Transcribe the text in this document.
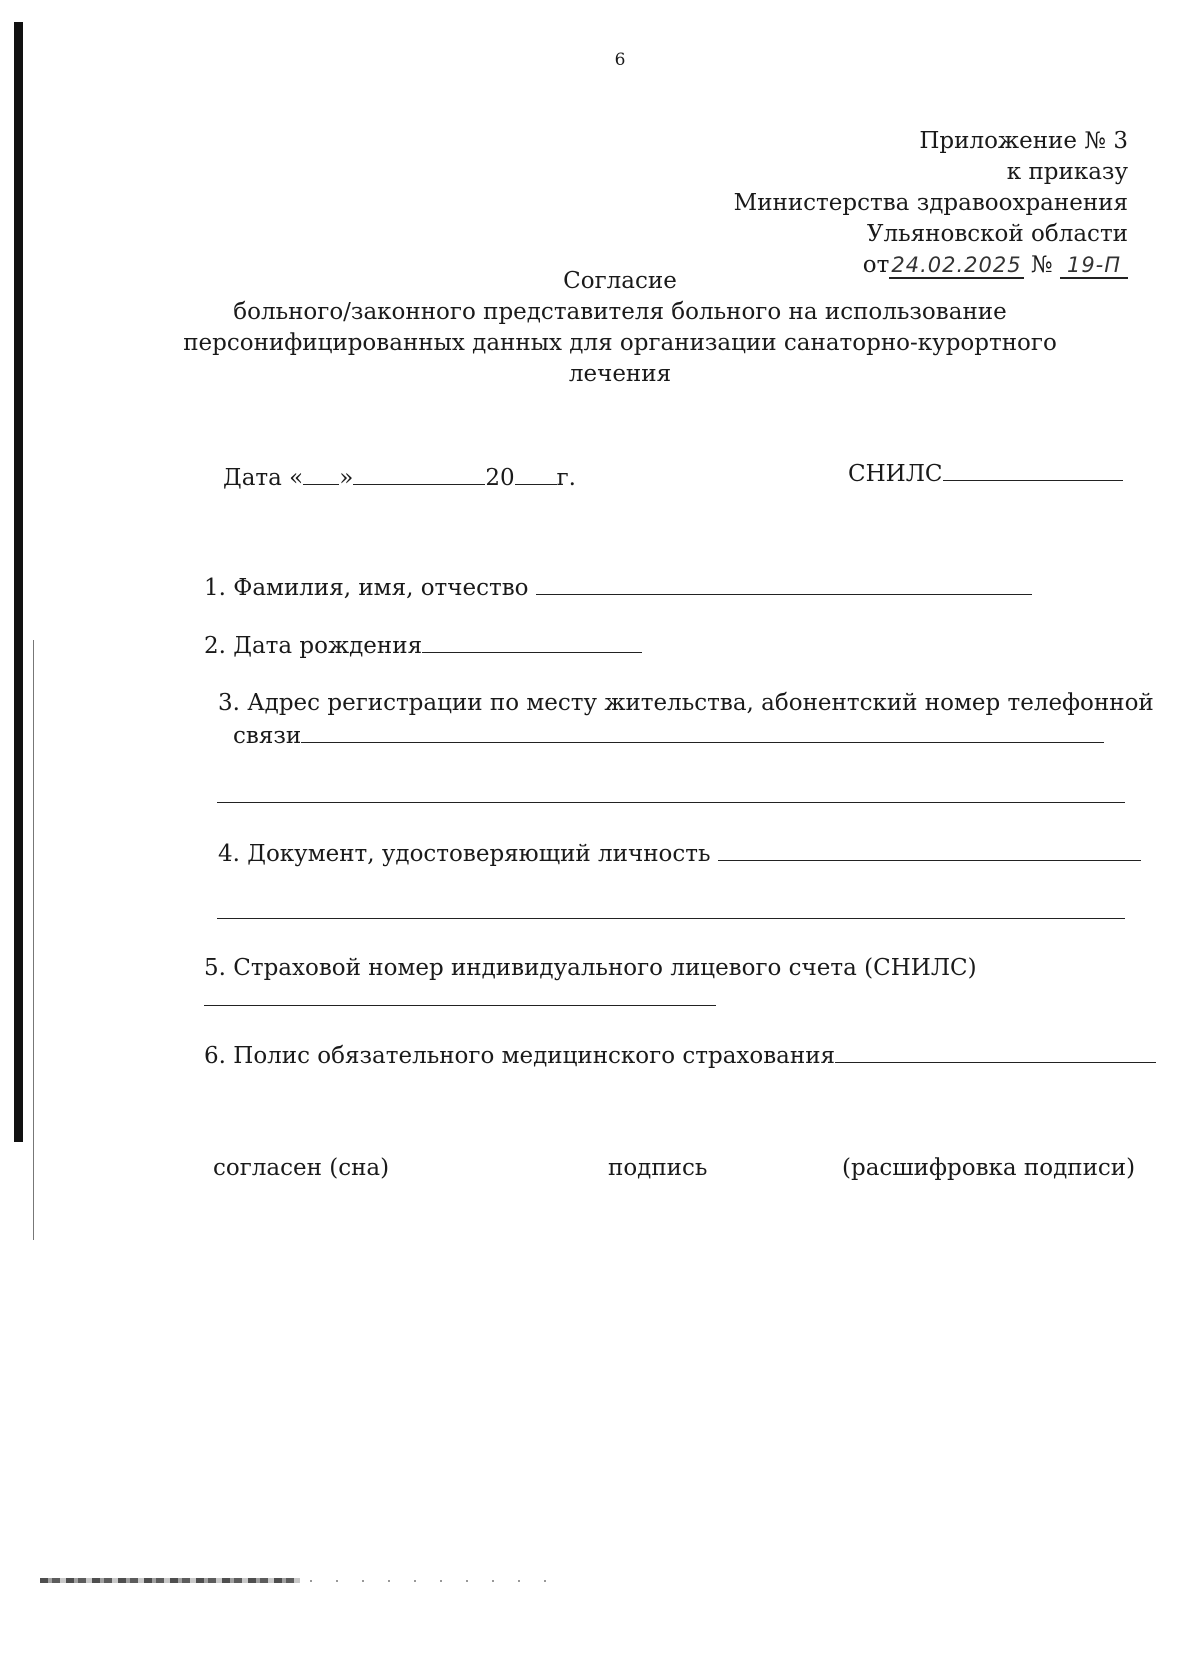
6
Приложение № 3
к приказу
Министерства здравоохранения
Ульяновской области
от24.02.2025 № 19-П
Согласие
больного/законного представителя больного на использование
персонифицированных данных для организации санаторно-курортного
лечения
Дата « »	20 г.	СНИЛС
1. Фамилия, имя, отчество
2. Дата рождения
3. Адрес регистрации по месту жительства, абонентский номер телефонной
связи
4. Документ, удостоверяющий личность
5. Страховой номер индивидуального лицевого счета (СНИЛС)
6. Полис обязательного медицинского страхования
согласен (сна)	подпись	(расшифровка подписи)
